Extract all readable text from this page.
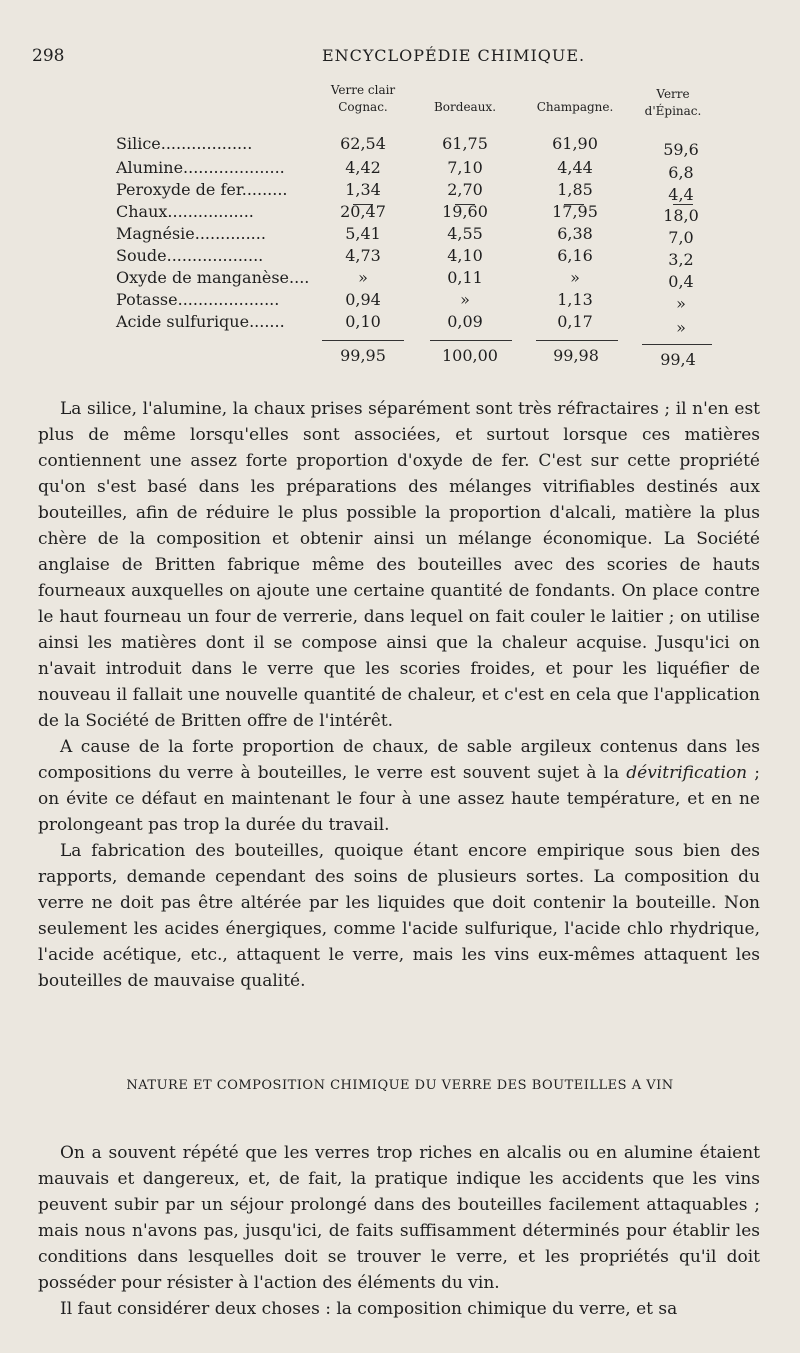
298	ENCYCLOPÉDIE CHIMIQUE.
Verre clair
Cognac.	Bordeaux.	Champagne.
Verre
d'Épinac.
Silice..................	62,54	61,75	61,90	59,6
Alumine....................	4,42	7,10	4,44	6,8
Peroxyde de fer.........	1,34	2,70	1,85	4,4
Chaux.................	20,47	19,60	17,95	18,0
Magnésie..............	5,41	4,55	6,38	7,0
Soude...................	4,73	4,10	6,16	3,2
Oxyde de manganèse....	»	0,11	»	0,4
Potasse....................	0,94	»	1,13	»
Acide sulfurique.......	0,10	0,09	0,17	»
99,95	100,00	99,98	99,4

La silice, l'alumine, la chaux prises séparément sont très réfractaires ; il n'en est plus de même lorsqu'elles sont associées, et surtout lorsque ces matières contiennent une assez forte proportion d'oxyde de fer. C'est sur cette propriété qu'on s'est basé dans les préparations des mélanges vitrifiables destinés aux bouteilles, afin de réduire le plus possible la proportion d'alcali, matière la plus chère de la composition et obtenir ainsi un mélange économique. La Société anglaise de Britten fabrique même des bouteilles avec des scories de hauts fourneaux auxquelles on ajoute une certaine quantité de fondants. On place contre le haut fourneau un four de verrerie, dans lequel on fait couler le laitier ; on utilise ainsi les matières dont il se compose ainsi que la chaleur acquise. Jusqu'ici on n'avait introduit dans le verre que les scories froides, et pour les liquéfier de nouveau il fallait une nouvelle quantité de chaleur, et c'est en cela que l'application de la Société de Britten offre de l'intérêt.

A cause de la forte proportion de chaux, de sable argileux contenus dans les compositions du verre à bouteilles, le verre est souvent sujet à la dévitrification ; on évite ce défaut en maintenant le four à une assez haute température, et en ne prolongeant pas trop la durée du travail.

La fabrication des bouteilles, quoique étant encore empirique sous bien des rapports, demande cependant des soins de plusieurs sortes. La composition du verre ne doit pas être altérée par les liquides que doit contenir la bouteille. Non seulement les acides énergiques, comme l'acide sulfurique, l'acide chlo rhydrique, l'acide acétique, etc., attaquent le verre, mais les vins eux-mêmes attaquent les bouteilles de mauvaise qualité.

NATURE ET COMPOSITION CHIMIQUE DU VERRE DES BOUTEILLES A VIN

On a souvent répété que les verres trop riches en alcalis ou en alumine étaient mauvais et dangereux, et, de fait, la pratique indique les accidents que les vins peuvent subir par un séjour prolongé dans des bouteilles facilement attaquables ; mais nous n'avons pas, jusqu'ici, de faits suffisamment déterminés pour établir les conditions dans lesquelles doit se trouver le verre, et les propriétés qu'il doit posséder pour résister à l'action des éléments du vin.

Il faut considérer deux choses : la composition chimique du verre, et sa
